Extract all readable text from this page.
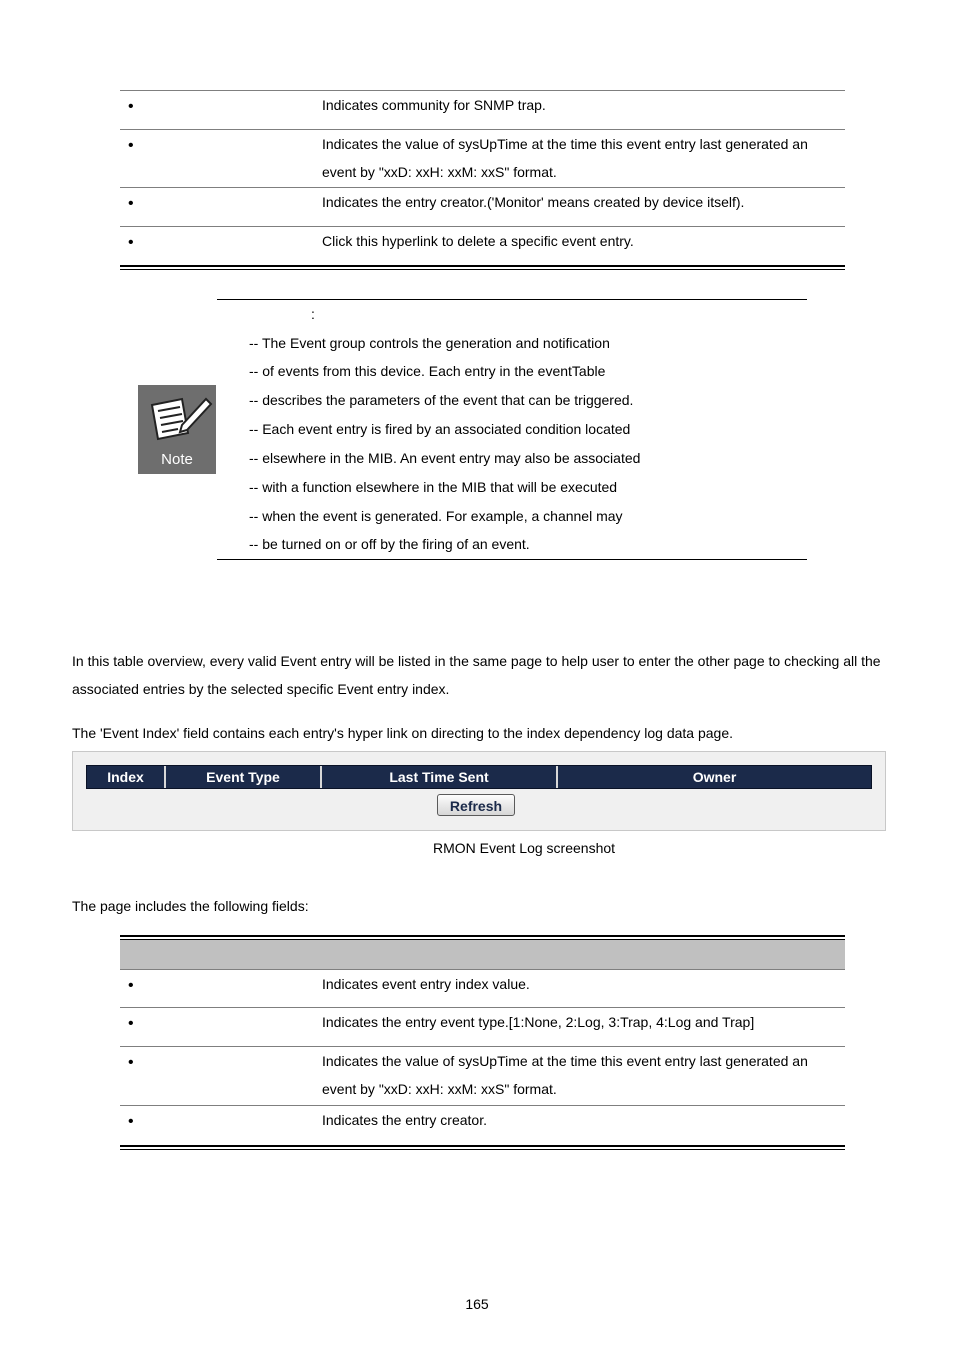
•	Indicates community for SNMP trap.
•	Indicates the value of sysUpTime at the time this event entry last generated an event by "xxD: xxH: xxM: xxS" format.
•	Indicates the entry creator.('Monitor' means created by device itself).
•	Click this hyperlink to delete a specific event entry.
Note
:
-- The Event group controls the generation and notification
-- of events from this device. Each entry in the eventTable
-- describes the parameters of the event that can be triggered.
-- Each event entry is fired by an associated condition located
-- elsewhere in the MIB. An event entry may also be associated
-- with a function elsewhere in the MIB that will be executed
-- when the event is generated. For example, a channel may
-- be turned on or off by the firing of an event.

In this table overview, every valid Event entry will be listed in the same page to help user to enter the other page to checking all the associated entries by the selected specific Event entry index.

The 'Event Index' field contains each entry's hyper link on directing to the index dependency log data page.

Index	Event Type	Last Time Sent	Owner
Refresh
RMON Event Log screenshot

The page includes the following fields:

•	Indicates event entry index value.
•	Indicates the entry event type.[1:None, 2:Log, 3:Trap, 4:Log and Trap]
•	Indicates the value of sysUpTime at the time this event entry last generated an event by "xxD: xxH: xxM: xxS" format.
•	Indicates the entry creator.
165
